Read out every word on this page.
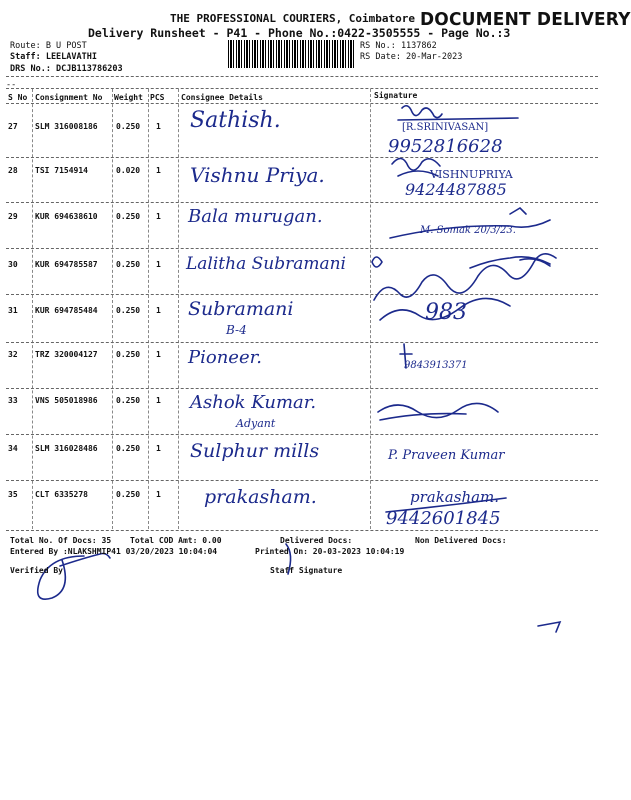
THE PROFESSIONAL COURIERS, Coimbatore DOCUMENT DELIVERY
Delivery Runsheet - P41 - Phone No.:0422-3505555 - Page No.:3
Route: B U POST
Staff: LEELAVATHI
DRS No.: DCJB113786203
RS No.: 1137862
RS Date: 20-Mar-2023
--
S No Consignment No Weight PCS Consignee Details	Signature
27 SLM 316008186 0.250 1 Sathish.	[R.SRINIVASAN]
9952816628
28 TSI 7154914	0.020 1 Vishnu Priya.	VISHNUPRIYA
9424487885
29 KUR 694638610 0.250 1 Bala murugan.
M. Somak 20/3/23.
30 KUR 694785587 0.250 1 Lalitha Subramani
31 KUR 694785484 0.250 1 Subramani
B-4
983
32 TRZ 320004127 0.250 1 Pioneer.	9843913371
33 VNS 505018986 0.250 1 Ashok Kumar.
Adyant
34 SLM 316028486 0.250 1 Sulphur mills	P. Praveen Kumar
35 CLT 6335278	0.250 1 prakasham.	prakasham.
9442601845
Total No. Of Docs: 35 Total COD Amt: 0.00	Delivered Docs:	Non Delivered Docs:
Entered By :NLAKSHMIP41 03/20/2023 10:04:04	Printed On: 20-03-2023 10:04:19
Verified By	Staff Signature
